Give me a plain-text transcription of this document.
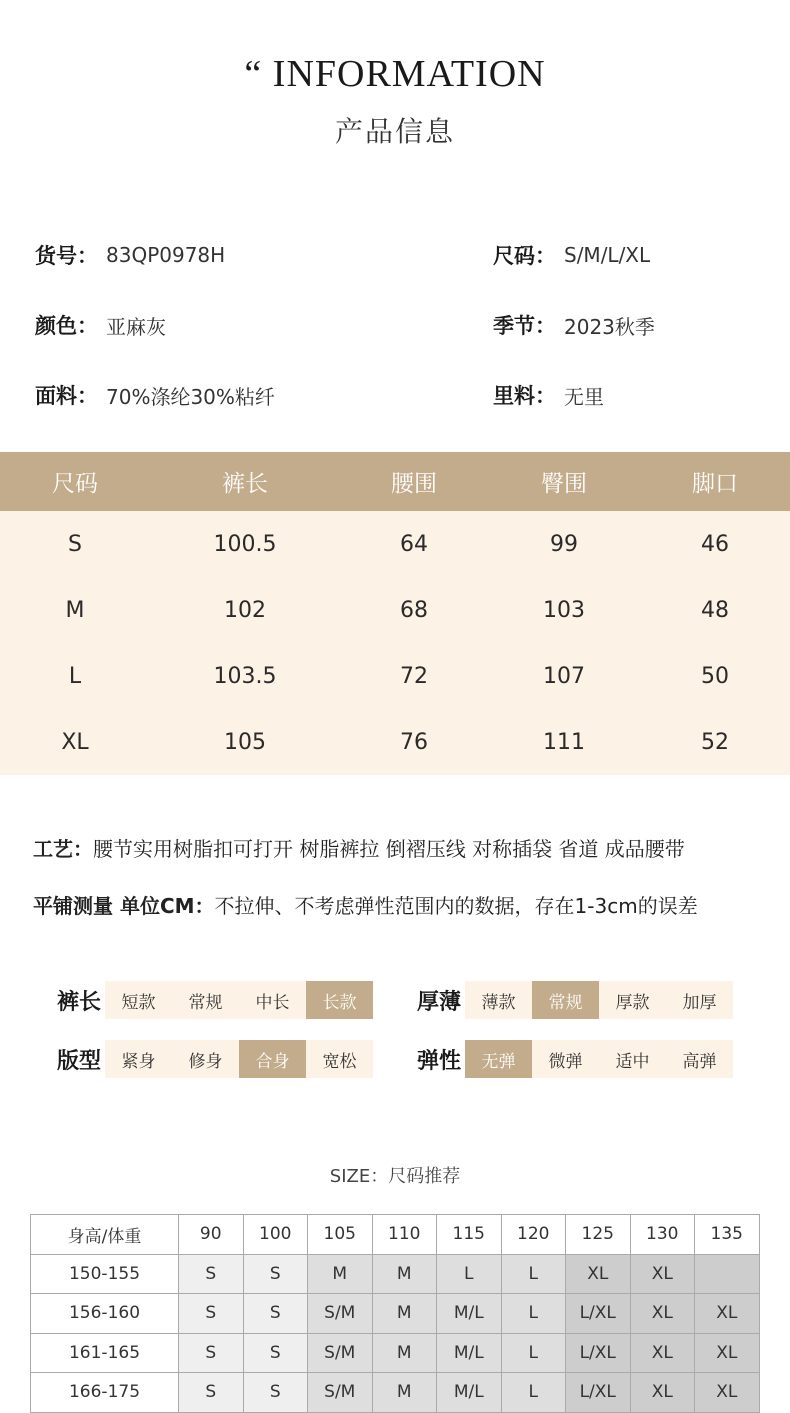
“ INFORMATION
产品信息
货号 ： 83QP0978H	尺码 ： S/M/L/XL
颜色 ： 亚麻灰	季节 ： 2023秋季
面料 ： 70%涤纶30%粘纤	里料 ： 无里
尺码	裤长	腰围	臀围	脚口
S	100.5	64	99	46
M	102	68	103	48
L	103.5	72	107	50
XL	105	76	111	52
工艺：腰节实用树脂扣可打开 树脂裤拉 倒褶压线 对称插袋 省道 成品腰带
平铺测量 单位CM：不拉伸、不考虑弹性范围内的数据，存在1-3cm的误差
裤长	短款	常规	中长	长款	厚薄	薄款	常规	厚款	加厚
版型	紧身	修身	合身	宽松	弹性	无弹	微弹	适中	高弹
SIZE：尺码推荐
身高/体重	90	100	105	110	115	120	125	130	135
150-155	S	S	M	M	L	L	XL	XL	
156-160	S	S	S/M	M	M/L	L	L/XL	XL	XL
161-165	S	S	S/M	M	M/L	L	L/XL	XL	XL
166-175	S	S	S/M	M	M/L	L	L/XL	XL	XL
